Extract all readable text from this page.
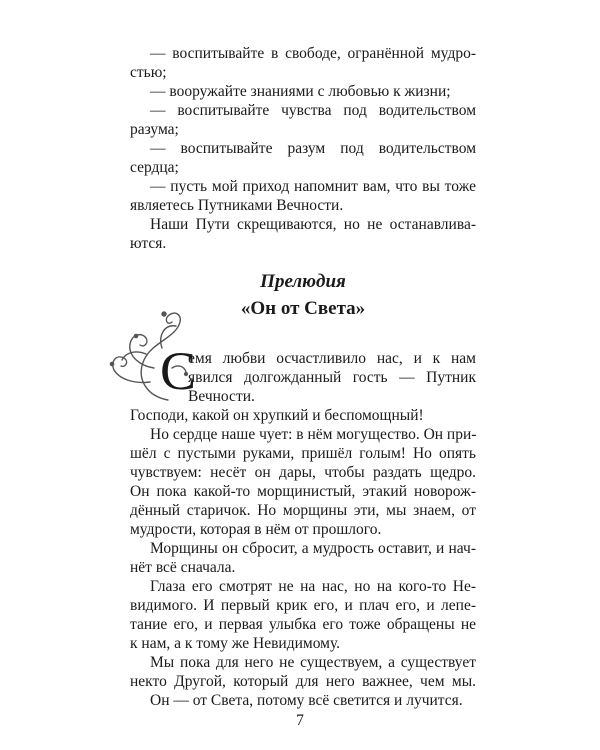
— воспитывайте в свободе, огранённой мудро-
стью;
— вооружайте знаниями с любовью к жизни;
— воспитывайте чувства под водительством
разума;
— воспитывайте разум под водительством
сердца;
— пусть мой приход напомнит вам, что вы тоже
являетесь Путниками Вечности.
Наши Пути скрещиваются, но не останавлива-
ются.
Прелюдия
«Он от Света»
С
емя любви осчастливило нас, и к нам
явился долгожданный гость — Путник
Вечности.
Господи, какой он хрупкий и беспомощный!
Но сердце наше чует: в нём могущество. Он при-
шёл с пустыми руками, пришёл голым! Но опять
чувствуем: несёт он дары, чтобы раздать щедро.
Он пока какой-то морщинистый, этакий новорож-
дённый старичок. Но морщины эти, мы знаем, от
мудрости, которая в нём от прошлого.
Морщины он сбросит, а мудрость оставит, и нач-
нёт всё сначала.
Глаза его смотрят не на нас, но на кого-то Не-
видимого. И первый крик его, и плач его, и лепе-
тание его, и первая улыбка его тоже обращены не
к нам, а к тому же Невидимому.
Мы пока для него не существуем, а существует
некто Другой, который для него важнее, чем мы.
Он — от Света, потому всё светится и лучится.
7
